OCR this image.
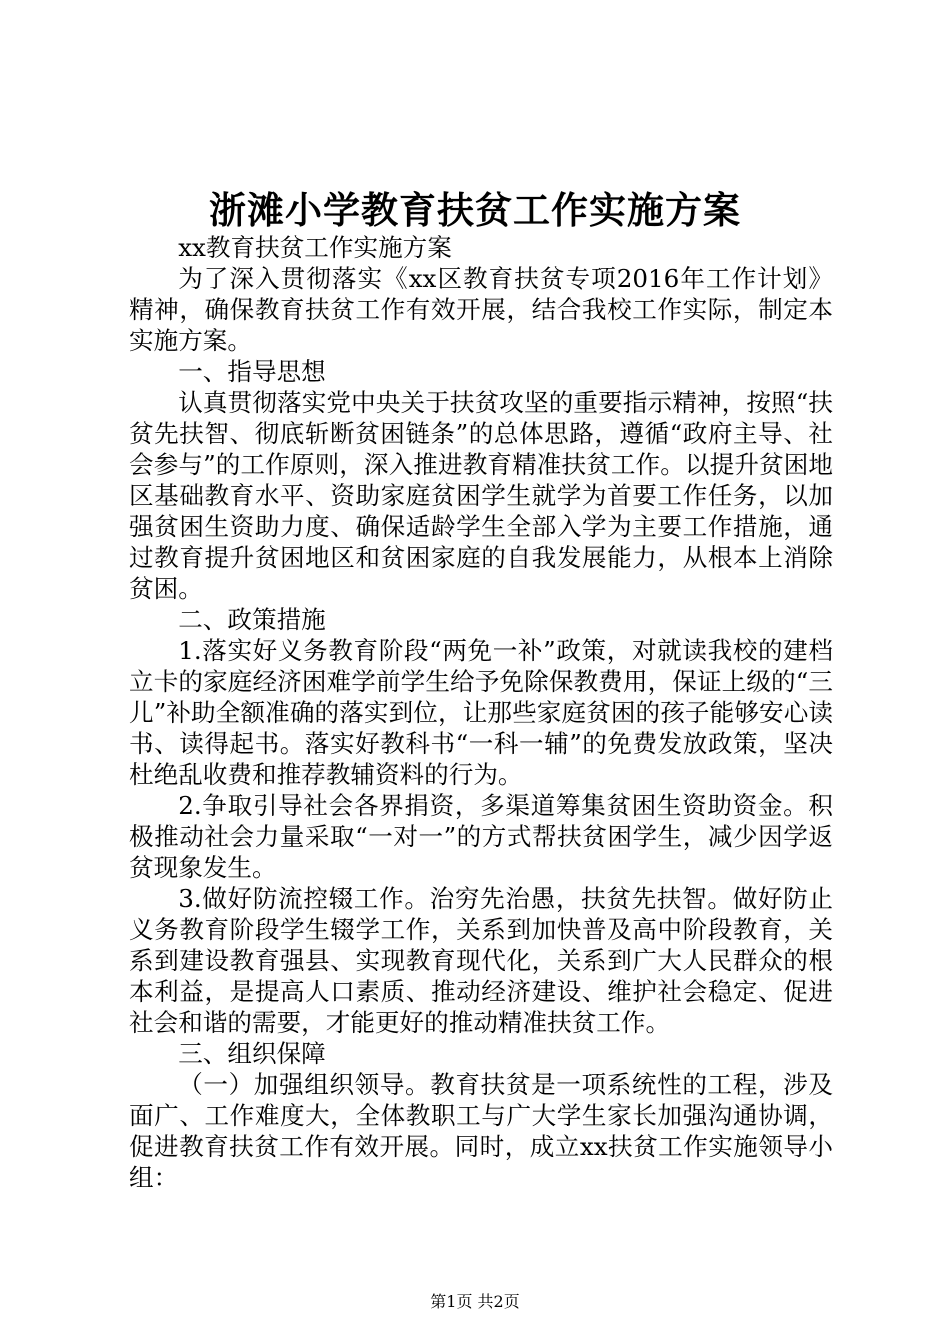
浙滩小学教育扶贫工作实施方案

xx教育扶贫工作实施方案

为了深入贯彻落实《xx区教育扶贫专项2016年工作计划》精神，确保教育扶贫工作有效开展，结合我校工作实际，制定本实施方案。

一、指导思想

认真贯彻落实党中央关于扶贫攻坚的重要指示精神，按照“扶贫先扶智、彻底斩断贫困链条”的总体思路，遵循“政府主导、社会参与”的工作原则，深入推进教育精准扶贫工作。以提升贫困地区基础教育水平、资助家庭贫困学生就学为首要工作任务，以加强贫困生资助力度、确保适龄学生全部入学为主要工作措施，通过教育提升贫困地区和贫困家庭的自我发展能力，从根本上消除贫困。

二、政策措施

1.落实好义务教育阶段“两免一补”政策，对就读我校的建档立卡的家庭经济困难学前学生给予免除保教费用，保证上级的“三儿”补助全额准确的落实到位，让那些家庭贫困的孩子能够安心读书、读得起书。落实好教科书“一科一辅”的免费发放政策，坚决杜绝乱收费和推荐教辅资料的行为。

2.争取引导社会各界捐资，多渠道筹集贫困生资助资金。积极推动社会力量采取“一对一”的方式帮扶贫困学生，减少因学返贫现象发生。

3.做好防流控辍工作。治穷先治愚，扶贫先扶智。做好防止义务教育阶段学生辍学工作，关系到加快普及高中阶段教育，关系到建设教育强县、实现教育现代化，关系到广大人民群众的根本利益，是提高人口素质、推动经济建设、维护社会稳定、促进社会和谐的需要，才能更好的推动精准扶贫工作。

三、组织保障

（一）加强组织领导。教育扶贫是一项系统性的工程，涉及面广、工作难度大，全体教职工与广大学生家长加强沟通协调，促进教育扶贫工作有效开展。同时，成立xx扶贫工作实施领导小组：

第1页 共2页
